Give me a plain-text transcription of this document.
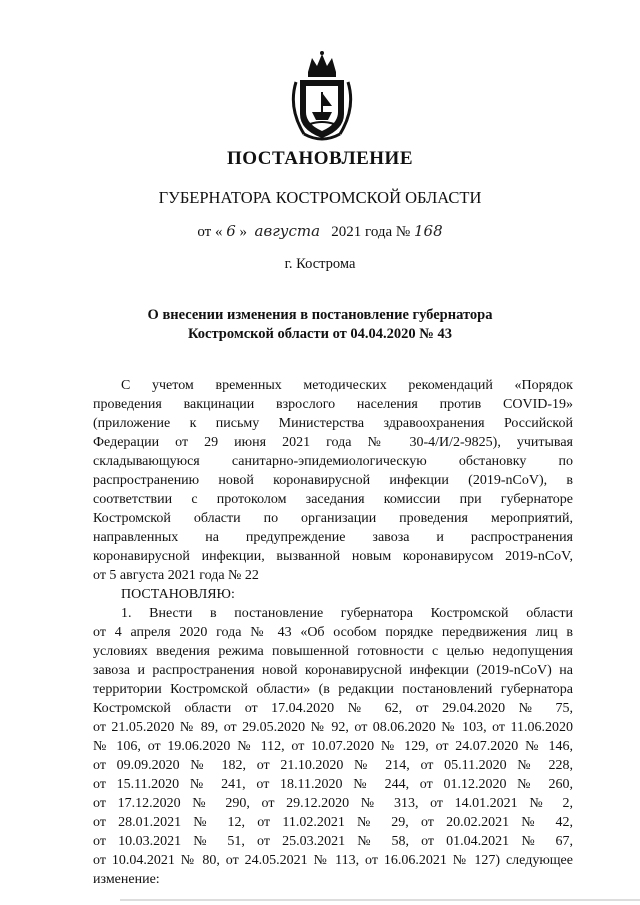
ПОСТАНОВЛЕНИЕ
ГУБЕРНАТОРА КОСТРОМСКОЙ ОБЛАСТИ
от « 6 » августа 2021 года № 168
г. Кострома
О внесении изменения в постановление губернатора
Костромской области от 04.04.2020 № 43
С учетом временных методических рекомендаций «Порядок
проведения вакцинации взрослого населения против COVID-19»
(приложение к письму Министерства здравоохранения Российской
Федерации от 29 июня 2021 года № 30-4/И/2-9825), учитывая
складывающуюся санитарно-эпидемиологическую обстановку по
распространению новой коронавирусной инфекции (2019-nCoV), в
соответствии с протоколом заседания комиссии при губернаторе
Костромской области по организации проведения мероприятий,
направленных на предупреждение завоза и распространения
коронавирусной инфекции, вызванной новым коронавирусом 2019-nCoV,
от 5 августа 2021 года № 22
ПОСТАНОВЛЯЮ:
1. Внести в постановление губернатора Костромской области
от 4 апреля 2020 года № 43 «Об особом порядке передвижения лиц в
условиях введения режима повышенной готовности с целью недопущения
завоза и распространения новой коронавирусной инфекции (2019-nCoV) на
территории Костромской области» (в редакции постановлений губернатора
Костромской области от 17.04.2020 № 62, от 29.04.2020 № 75,
от 21.05.2020 № 89, от 29.05.2020 № 92, от 08.06.2020 № 103, от 11.06.2020
№ 106, от 19.06.2020 № 112, от 10.07.2020 № 129, от 24.07.2020 № 146,
от 09.09.2020 № 182, от 21.10.2020 № 214, от 05.11.2020 № 228,
от 15.11.2020 № 241, от 18.11.2020 № 244, от 01.12.2020 № 260,
от 17.12.2020 № 290, от 29.12.2020 № 313, от 14.01.2021 № 2,
от 28.01.2021 № 12, от 11.02.2021 № 29, от 20.02.2021 № 42,
от 10.03.2021 № 51, от 25.03.2021 № 58, от 01.04.2021 № 67,
от 10.04.2021 № 80, от 24.05.2021 № 113, от 16.06.2021 № 127) следующее
изменение:
